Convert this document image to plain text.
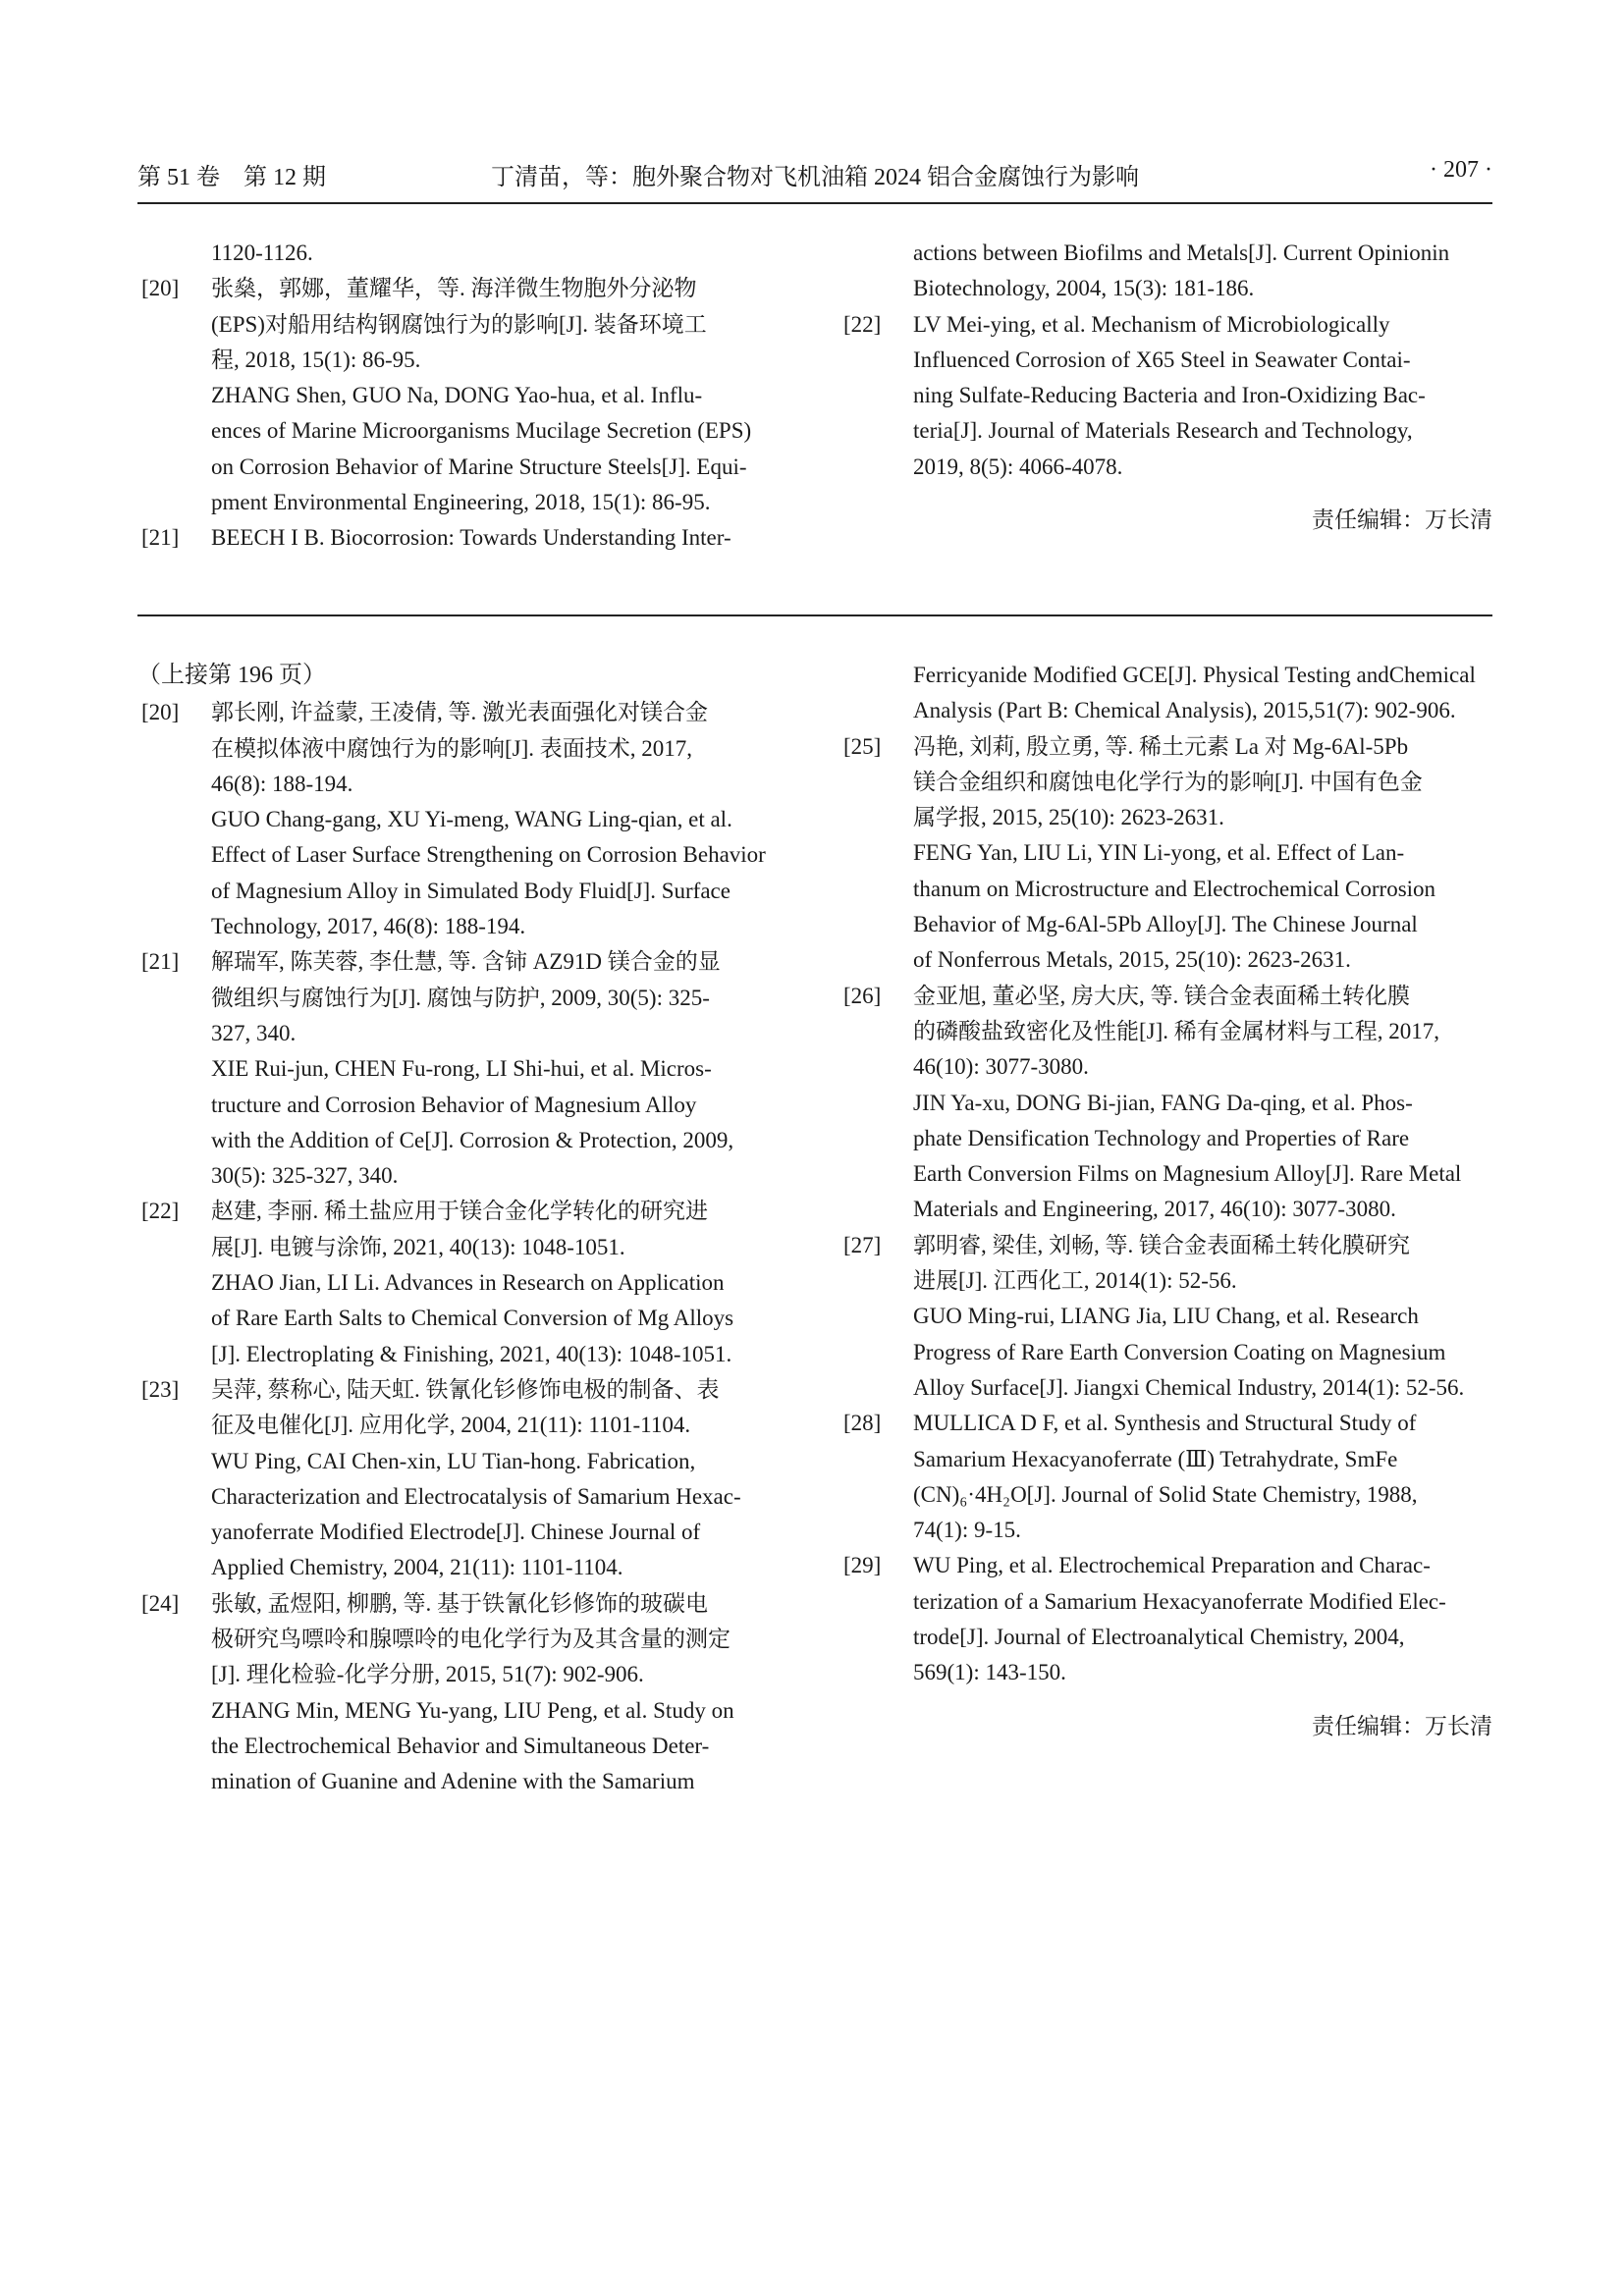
第 51 卷　第 12 期	丁清苗，等：胞外聚合物对飞机油箱 2024 铝合金腐蚀行为影响	· 207 ·
1120-1126.
[20] 张燊，郭娜，董耀华，等. 海洋微生物胞外分泌物
(EPS)对船用结构钢腐蚀行为的影响[J]. 装备环境工
程, 2018, 15(1): 86-95.
ZHANG Shen, GUO Na, DONG Yao-hua, et al. Influ-
ences of Marine Microorganisms Mucilage Secretion (EPS)
on Corrosion Behavior of Marine Structure Steels[J]. Equi-
pment Environmental Engineering, 2018, 15(1): 86-95.
[21] BEECH I B. Biocorrosion: Towards Understanding Inter-
actions between Biofilms and Metals[J]. Current Opinionin Biotechnology, 2004, 15(3): 181-186.
[22] LV Mei-ying, et al. Mechanism of Microbiologically
Influenced Corrosion of X65 Steel in Seawater Contai-
ning Sulfate-Reducing Bacteria and Iron-Oxidizing Bac-
teria[J]. Journal of Materials Research and Technology,
2019, 8(5): 4066-4078.
责任编辑：万长清
（上接第 196 页）
[20] 郭长刚, 许益蒙, 王凌倩, 等. 激光表面强化对镁合金
在模拟体液中腐蚀行为的影响[J]. 表面技术, 2017,
46(8): 188-194.
GUO Chang-gang, XU Yi-meng, WANG Ling-qian, et al.
Effect of Laser Surface Strengthening on Corrosion Behavior
of Magnesium Alloy in Simulated Body Fluid[J]. Surface
Technology, 2017, 46(8): 188-194.
[21] 解瑞军, 陈芙蓉, 李仕慧, 等. 含铈 AZ91D 镁合金的显
微组织与腐蚀行为[J]. 腐蚀与防护, 2009, 30(5): 325-
327, 340.
XIE Rui-jun, CHEN Fu-rong, LI Shi-hui, et al. Micros-
tructure and Corrosion Behavior of Magnesium Alloy
with the Addition of Ce[J]. Corrosion & Protection, 2009,
30(5): 325-327, 340.
[22] 赵建, 李丽. 稀土盐应用于镁合金化学转化的研究进
展[J]. 电镀与涂饰, 2021, 40(13): 1048-1051.
ZHAO Jian, LI Li. Advances in Research on Application
of Rare Earth Salts to Chemical Conversion of Mg Alloys
[J]. Electroplating & Finishing, 2021, 40(13): 1048-1051.
[23] 吴萍, 蔡称心, 陆天虹. 铁氰化钐修饰电极的制备、表
征及电催化[J]. 应用化学, 2004, 21(11): 1101-1104.
WU Ping, CAI Chen-xin, LU Tian-hong. Fabrication,
Characterization and Electrocatalysis of Samarium Hexac-
yanoferrate Modified Electrode[J]. Chinese Journal of
Applied Chemistry, 2004, 21(11): 1101-1104.
[24] 张敏, 孟煜阳, 柳鹏, 等. 基于铁氰化钐修饰的玻碳电
极研究鸟嘌呤和腺嘌呤的电化学行为及其含量的测定
[J]. 理化检验-化学分册, 2015, 51(7): 902-906.
ZHANG Min, MENG Yu-yang, LIU Peng, et al. Study on
the Electrochemical Behavior and Simultaneous Deter-
mination of Guanine and Adenine with the Samarium
Ferricyanide Modified GCE[J]. Physical Testing andChemical Analysis (Part B: Chemical Analysis), 2015,51(7): 902-906.
[25] 冯艳, 刘莉, 殷立勇, 等. 稀土元素 La 对 Mg-6Al-5Pb
镁合金组织和腐蚀电化学行为的影响[J]. 中国有色金
属学报, 2015, 25(10): 2623-2631.
FENG Yan, LIU Li, YIN Li-yong, et al. Effect of Lan-
thanum on Microstructure and Electrochemical Corrosion
Behavior of Mg-6Al-5Pb Alloy[J]. The Chinese Journal
of Nonferrous Metals, 2015, 25(10): 2623-2631.
[26] 金亚旭, 董必坚, 房大庆, 等. 镁合金表面稀土转化膜
的磷酸盐致密化及性能[J]. 稀有金属材料与工程, 2017,
46(10): 3077-3080.
JIN Ya-xu, DONG Bi-jian, FANG Da-qing, et al. Phos-
phate Densification Technology and Properties of Rare
Earth Conversion Films on Magnesium Alloy[J]. Rare Metal
Materials and Engineering, 2017, 46(10): 3077-3080.
[27] 郭明睿, 梁佳, 刘畅, 等. 镁合金表面稀土转化膜研究
进展[J]. 江西化工, 2014(1): 52-56.
GUO Ming-rui, LIANG Jia, LIU Chang, et al. Research
Progress of Rare Earth Conversion Coating on Magnesium
Alloy Surface[J]. Jiangxi Chemical Industry, 2014(1): 52-56.
[28] MULLICA D F, et al. Synthesis and Structural Study of
Samarium Hexacyanoferrate (Ⅲ) Tetrahydrate, SmFe
(CN)₆·4H₂O[J]. Journal of Solid State Chemistry, 1988,
74(1): 9-15.
[29] WU Ping, et al. Electrochemical Preparation and Charac-
terization of a Samarium Hexacyanoferrate Modified Elec-
trode[J]. Journal of Electroanalytical Chemistry, 2004,
569(1): 143-150.
责任编辑：万长清
